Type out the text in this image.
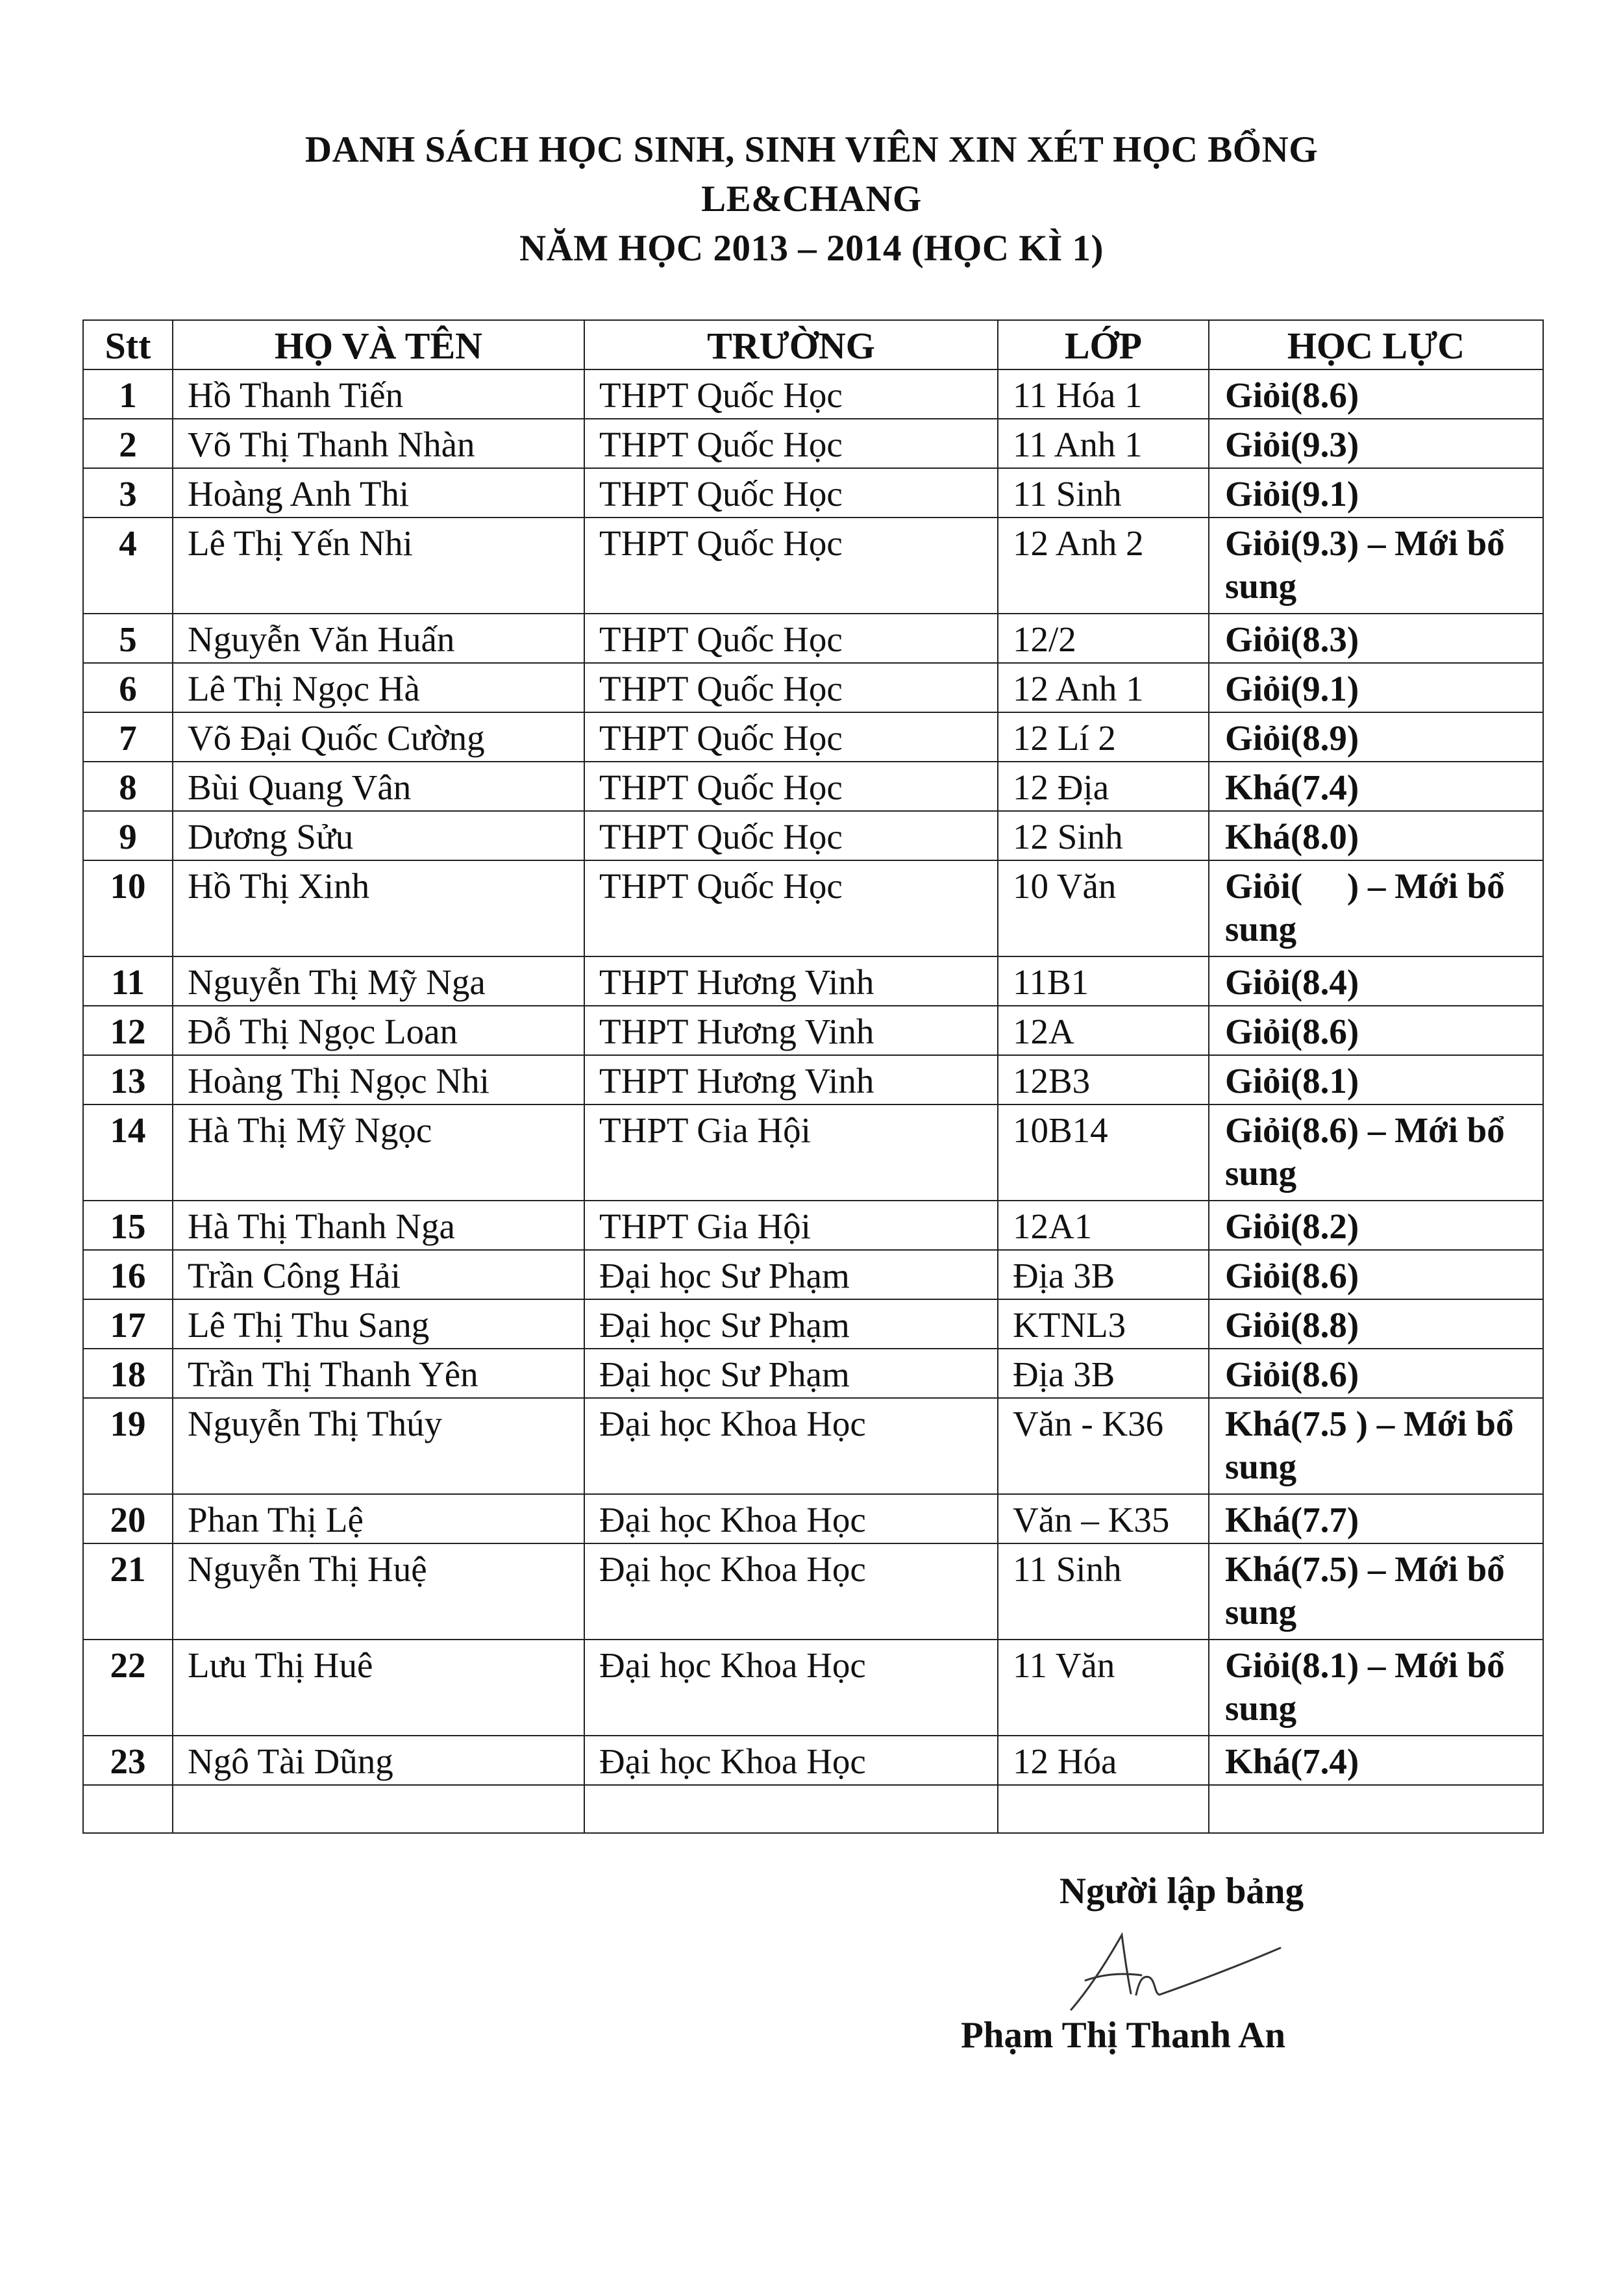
DANH SÁCH HỌC SINH, SINH VIÊN XIN XÉT HỌC BỔNG
LE&CHANG
NĂM HỌC 2013 – 2014 (HỌC KÌ 1)
Stt	HỌ VÀ TÊN	TRƯỜNG	LỚP	HỌC LỰC
1	Hồ Thanh Tiến	THPT Quốc Học	11 Hóa 1	Giỏi(8.6)
2	Võ Thị Thanh Nhàn	THPT Quốc Học	11 Anh 1	Giỏi(9.3)
3	Hoàng Anh Thi	THPT Quốc Học	11 Sinh	Giỏi(9.1)
4	Lê Thị Yến Nhi	THPT Quốc Học	12 Anh 2	Giỏi(9.3) – Mới bổ sung
5	Nguyễn Văn Huấn	THPT Quốc Học	12/2	Giỏi(8.3)
6	Lê Thị Ngọc Hà	THPT Quốc Học	12 Anh 1	Giỏi(9.1)
7	Võ Đại Quốc Cường	THPT Quốc Học	12 Lí 2	Giỏi(8.9)
8	Bùi Quang Vân	THPT Quốc Học	12 Địa	Khá(7.4)
9	Dương Sửu	THPT Quốc Học	12 Sinh	Khá(8.0)
10	Hồ Thị Xinh	THPT Quốc Học	10 Văn	Giỏi(     ) – Mới bổ sung
11	Nguyễn Thị Mỹ Nga	THPT Hương Vinh	11B1	Giỏi(8.4)
12	Đỗ Thị Ngọc Loan	THPT Hương Vinh	12A	Giỏi(8.6)
13	Hoàng Thị Ngọc Nhi	THPT Hương Vinh	12B3	Giỏi(8.1)
14	Hà Thị Mỹ Ngọc	THPT Gia Hội	10B14	Giỏi(8.6) – Mới bổ sung
15	Hà Thị Thanh Nga	THPT Gia Hội	12A1	Giỏi(8.2)
16	Trần Công Hải	Đại học Sư Phạm	Địa 3B	Giỏi(8.6)
17	Lê Thị Thu Sang	Đại học Sư Phạm	KTNL3	Giỏi(8.8)
18	Trần Thị Thanh Yên	Đại học Sư Phạm	Địa 3B	Giỏi(8.6)
19	Nguyễn Thị Thúy	Đại học Khoa Học	Văn - K36	Khá(7.5 ) – Mới bổ sung
20	Phan Thị Lệ	Đại học Khoa Học	Văn – K35	Khá(7.7)
21	Nguyễn Thị Huệ	Đại học Khoa Học	11 Sinh	Khá(7.5) – Mới bổ sung
22	Lưu Thị Huê	Đại học Khoa Học	11 Văn	Giỏi(8.1) – Mới bổ sung
23	Ngô Tài Dũng	Đại học Khoa Học	12 Hóa	Khá(7.4)

Người lập bảng
Phạm Thị Thanh An
